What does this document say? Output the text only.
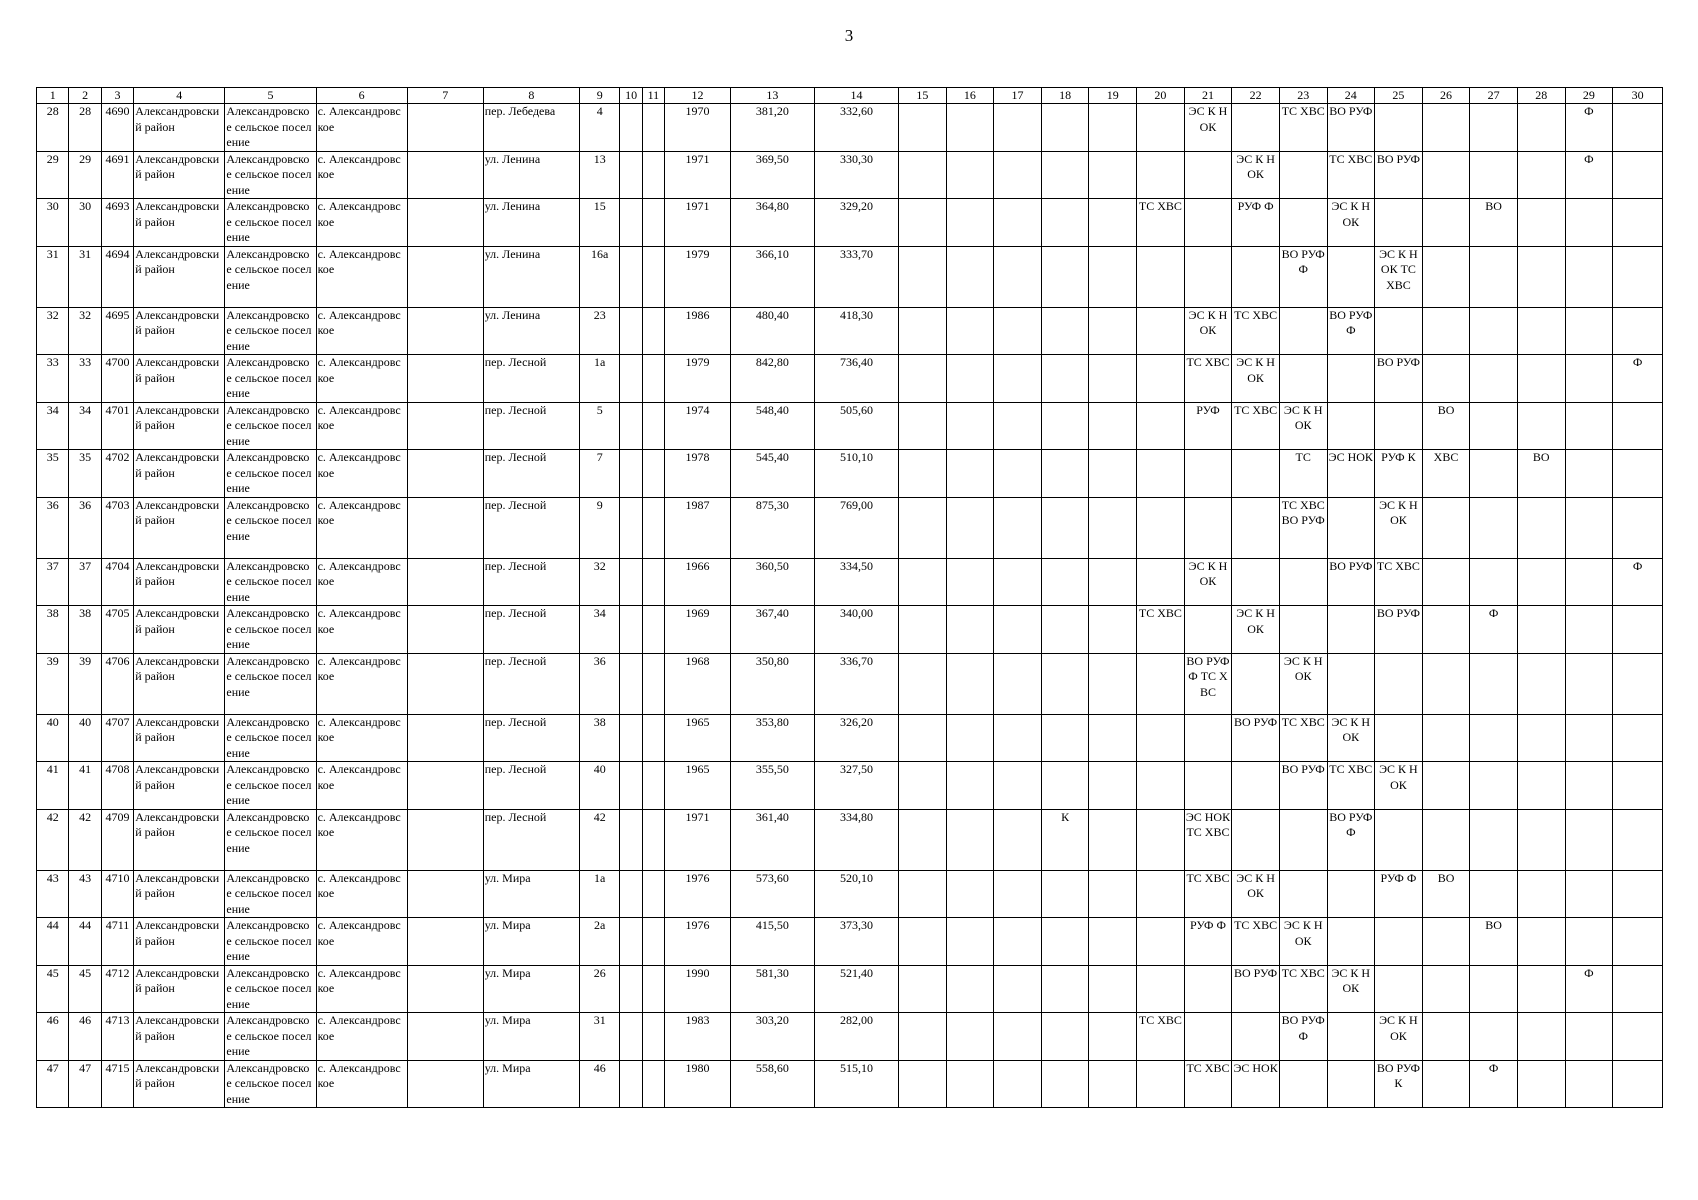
3
1	2	3	4	5	6	7	8	9	10	11	12	13	14	15	16	17	18	19	20	21	22	23	24	25	26	27	28	29	30
28	28	4690	Александровский район	Александровское сельское поселение	с. Александровское		пер. Лебедева	4			1970	381,20	332,60							ЭС К НОК		ТС ХВС	ВО РУФ					Ф	
29	29	4691	Александровский район	Александровское сельское поселение	с. Александровское		ул. Ленина	13			1971	369,50	330,30								ЭС К НОК		ТС ХВС	ВО РУФ				Ф	
30	30	4693	Александровский район	Александровское сельское поселение	с. Александровское		ул. Ленина	15			1971	364,80	329,20						ТС ХВС		РУФ Ф		ЭС К НОК			ВО			
31	31	4694	Александровский район	Александровское сельское поселение	с. Александровское		ул. Ленина	16а			1979	366,10	333,70									ВО РУФ Ф		ЭС К НОК ТС ХВС					
32	32	4695	Александровский район	Александровское сельское поселение	с. Александровское		ул. Ленина	23			1986	480,40	418,30							ЭС К НОК	ТС ХВС		ВО РУФ Ф						
33	33	4700	Александровский район	Александровское сельское поселение	с. Александровское		пер. Лесной	1а			1979	842,80	736,40							ТС ХВС	ЭС К НОК			ВО РУФ					Ф
34	34	4701	Александровский район	Александровское сельское поселение	с. Александровское		пер. Лесной	5			1974	548,40	505,60							РУФ	ТС ХВС	ЭС К НОК			ВО				
35	35	4702	Александровский район	Александровское сельское поселение	с. Александровское		пер. Лесной	7			1978	545,40	510,10									ТС	ЭС НОК	РУФ К	ХВС		ВО		
36	36	4703	Александровский район	Александровское сельское поселение	с. Александровское		пер. Лесной	9			1987	875,30	769,00									ТС ХВС ВО РУФ		ЭС К НОК					
37	37	4704	Александровский район	Александровское сельское поселение	с. Александровское		пер. Лесной	32			1966	360,50	334,50							ЭС К НОК			ВО РУФ	ТС ХВС					Ф
38	38	4705	Александровский район	Александровское сельское поселение	с. Александровское		пер. Лесной	34			1969	367,40	340,00						ТС ХВС		ЭС К НОК			ВО РУФ		Ф			
39	39	4706	Александровский район	Александровское сельское поселение	с. Александровское		пер. Лесной	36			1968	350,80	336,70							ВО РУФ Ф ТС ХВС		ЭС К НОК							
40	40	4707	Александровский район	Александровское сельское поселение	с. Александровское		пер. Лесной	38			1965	353,80	326,20								ВО РУФ	ТС ХВС	ЭС К НОК						
41	41	4708	Александровский район	Александровское сельское поселение	с. Александровское		пер. Лесной	40			1965	355,50	327,50									ВО РУФ	ТС ХВС	ЭС К НОК					
42	42	4709	Александровский район	Александровское сельское поселение	с. Александровское		пер. Лесной	42			1971	361,40	334,80				К			ЭС НОК ТС ХВС			ВО РУФ Ф						
43	43	4710	Александровский район	Александровское сельское поселение	с. Александровское		ул. Мира	1а			1976	573,60	520,10							ТС ХВС	ЭС К НОК			РУФ Ф	ВО				
44	44	4711	Александровский район	Александровское сельское поселение	с. Александровское		ул. Мира	2а			1976	415,50	373,30							РУФ Ф	ТС ХВС	ЭС К НОК				ВО			
45	45	4712	Александровский район	Александровское сельское поселение	с. Александровское		ул. Мира	26			1990	581,30	521,40								ВО РУФ	ТС ХВС	ЭС К НОК					Ф	
46	46	4713	Александровский район	Александровское сельское поселение	с. Александровское		ул. Мира	31			1983	303,20	282,00						ТС ХВС			ВО РУФ Ф		ЭС К НОК					
47	47	4715	Александровский район	Александровское сельское поселение	с. Александровское		ул. Мира	46			1980	558,60	515,10							ТС ХВС	ЭС НОК			ВО РУФ К		Ф			
